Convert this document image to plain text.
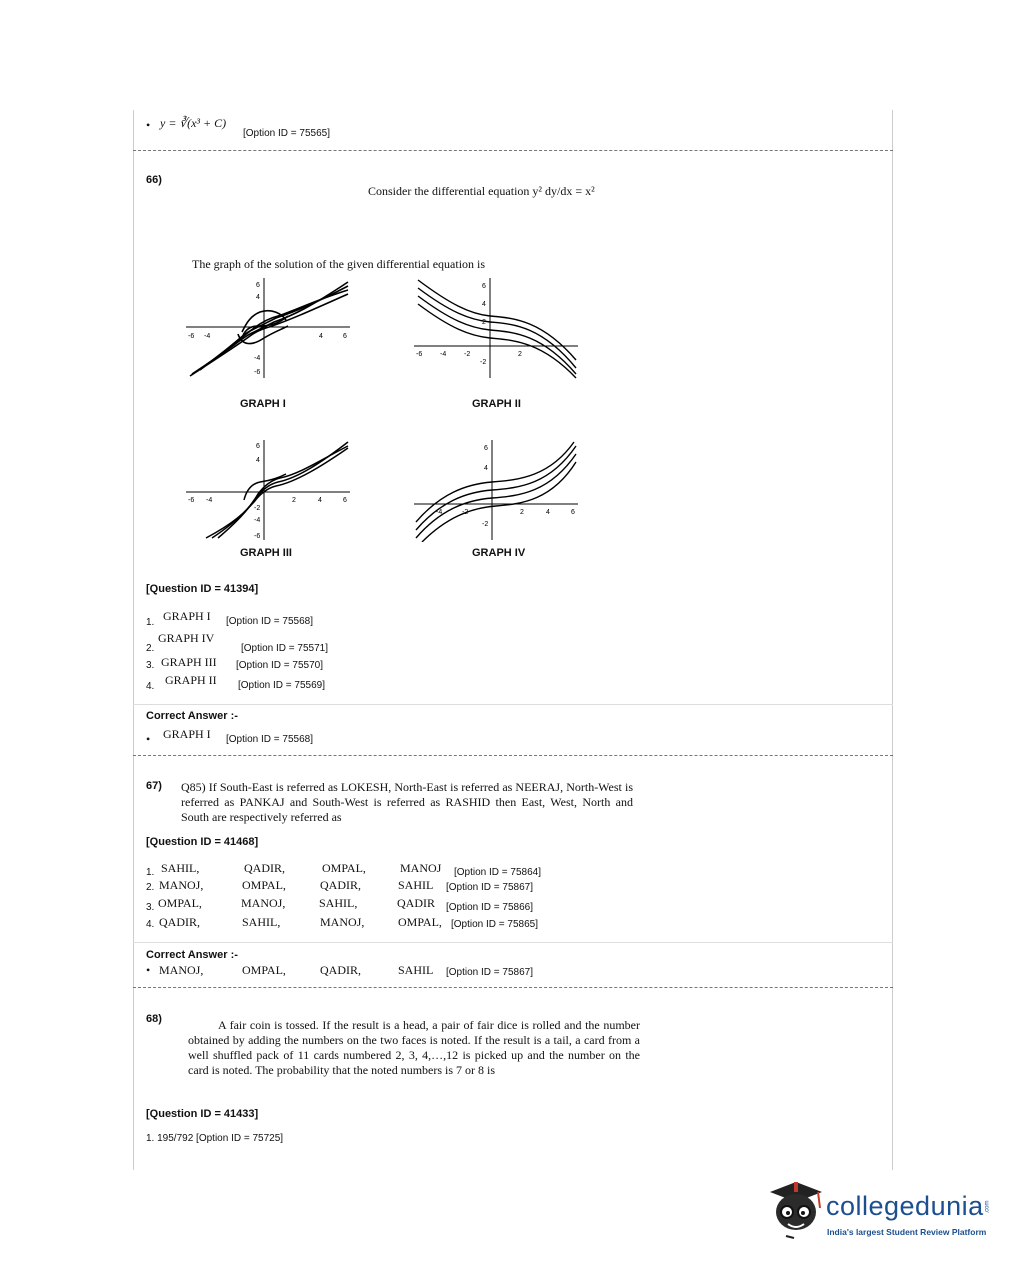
• y = ∛(x³ + C)
[Option ID = 75565]
66)
Consider the differential equation y² dy/dx = x²
The graph of the solution of the given differential equation is
-6 -4	4	6
6
4
-4
-6
GRAPH I
-6	-4	-2	2
6
4
2
-2
GRAPH II
-6 -4	2	4	6
6
4
-2
-4
-6
GRAPH III
-4	-2	2	4	6
6
4
-2
GRAPH IV
[Question ID = 41394]
1. GRAPH I [Option ID = 75568]
GRAPH IV
2.	[Option ID = 75571]
3. GRAPH III [Option ID = 75570]
4. GRAPH II [Option ID = 75569]
Correct Answer :-
• GRAPH I [Option ID = 75568]
67) Q85) If South-East is referred as LOKESH, North-East is referred as NEERAJ, North-West is referred as PANKAJ and South-West is referred as RASHID then East, West, North and South are respectively referred as
[Question ID = 41468]
1. SAHIL,	QADIR,	OMPAL,	MANOJ [Option ID = 75864]
2. MANOJ,	OMPAL,	QADIR,	SAHIL [Option ID = 75867]
3. OMPAL,	MANOJ,	SAHIL,	QADIR [Option ID = 75866]
4. QADIR,	SAHIL,	MANOJ,	OMPAL, [Option ID = 75865]
Correct Answer :-
• MANOJ,	OMPAL,	QADIR,	SAHIL [Option ID = 75867]
68)	A fair coin is tossed. If the result is a head, a pair of fair dice is rolled and the number obtained by adding the numbers on the two faces is noted. If the result is a tail, a card from a well shuffled pack of 11 cards numbered 2, 3, 4,…,12 is picked up and the number on the card is noted. The probability that the noted numbers is 7 or 8 is
[Question ID = 41433]
1. 195/792 [Option ID = 75725]
collegedunia .com
India's largest Student Review Platform
